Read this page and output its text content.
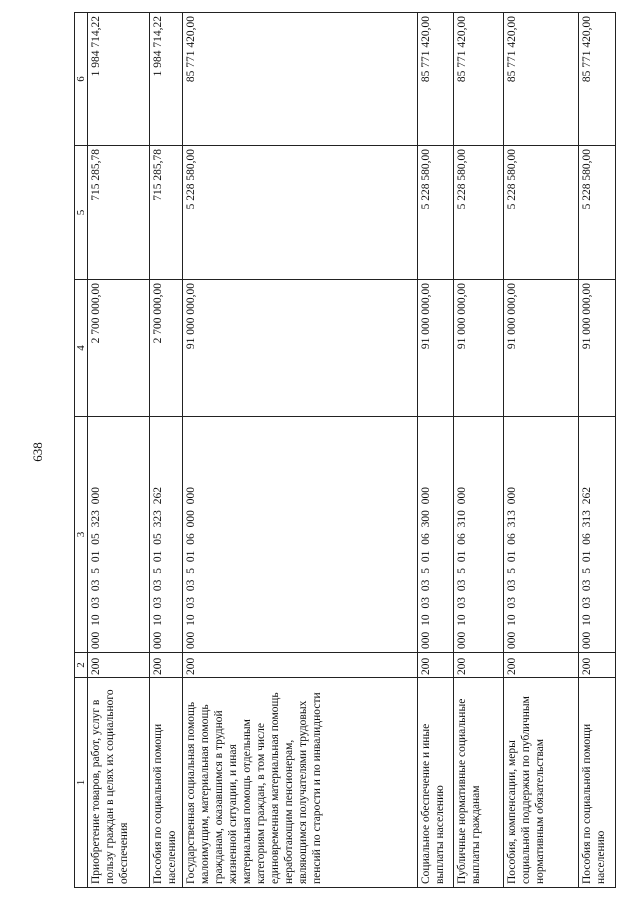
638
1	2	3	4	5	6
Приобретение товаров, работ, услуг в пользу граждан в целях их социального обеспечения	200	000 10 03 03 5 01 05 323 000	2 700 000,00	715 285,78	1 984 714,22
Пособия по социальной помощи населению	200	000 10 03 03 5 01 05 323 262	2 700 000,00	715 285,78	1 984 714,22
Государственная социальная помощь малоимущим, материальная помощь гражданам, оказавшимся в трудной жизненной ситуации, и иная материальная помощь отдельным категориям граждан, в том числе единовременная материальная помощь неработающим пенсионерам, являющимся получателями трудовых пенсий по старости и по инвалидности	200	000 10 03 03 5 01 06 000 000	91 000 000,00	5 228 580,00	85 771 420,00
Социальное обеспечение и иные выплаты населению	200	000 10 03 03 5 01 06 300 000	91 000 000,00	5 228 580,00	85 771 420,00
Публичные нормативные социальные выплаты гражданам	200	000 10 03 03 5 01 06 310 000	91 000 000,00	5 228 580,00	85 771 420,00
Пособия, компенсации, меры социальной поддержки по публичным нормативным обязательствам	200	000 10 03 03 5 01 06 313 000	91 000 000,00	5 228 580,00	85 771 420,00
Пособия по социальной помощи населению	200	000 10 03 03 5 01 06 313 262	91 000 000,00	5 228 580,00	85 771 420,00
